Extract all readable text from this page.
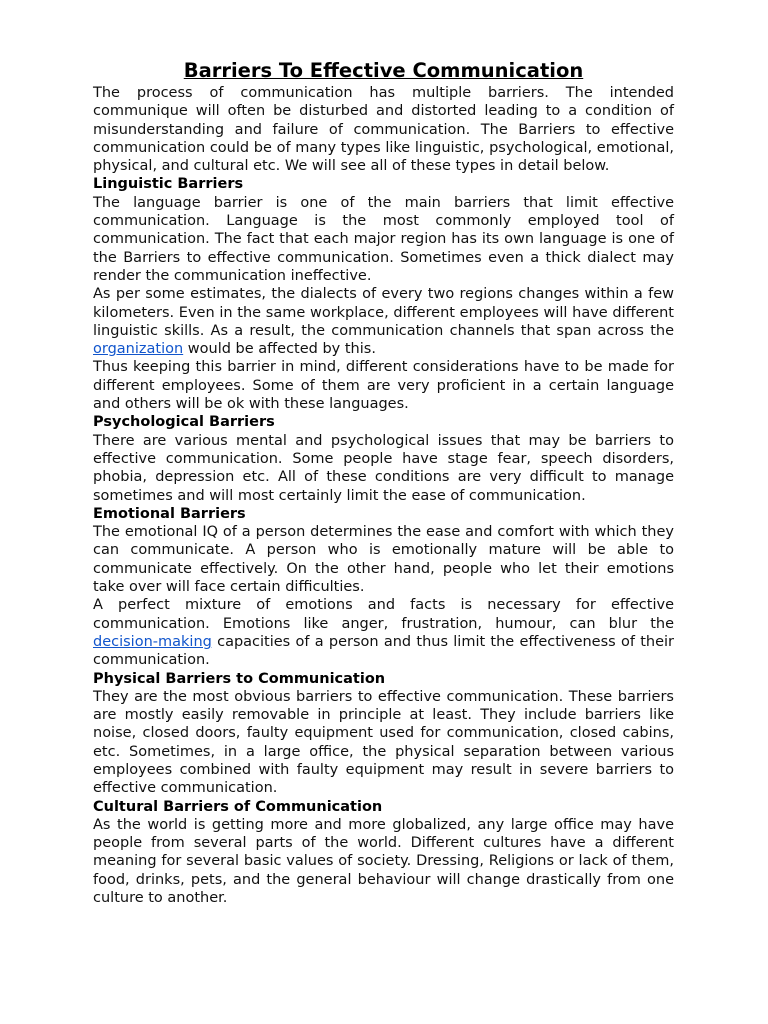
Barriers To Effective Communication

The process of communication has multiple barriers. The intended communique will often be disturbed and distorted leading to a condition of misunderstanding and failure of communication. The Barriers to effective communication could be of many types like linguistic, psychological, emotional, physical, and cultural etc. We will see all of these types in detail below.

Linguistic Barriers

The language barrier is one of the main barriers that limit effective communication. Language is the most commonly employed tool of communication. The fact that each major region has its own language is one of the Barriers to effective communication. Sometimes even a thick dialect may render the communication ineffective.

As per some estimates, the dialects of every two regions changes within a few kilometers. Even in the same workplace, different employees will have different linguistic skills. As a result, the communication channels that span across the organization would be affected by this.

Thus keeping this barrier in mind, different considerations have to be made for different employees. Some of them are very proficient in a certain language and others will be ok with these languages.

Psychological Barriers

There are various mental and psychological issues that may be barriers to effective communication. Some people have stage fear, speech disorders, phobia, depression etc. All of these conditions are very difficult to manage sometimes and will most certainly limit the ease of communication.

Emotional Barriers

The emotional IQ of a person determines the ease and comfort with which they can communicate. A person who is emotionally mature will be able to communicate effectively. On the other hand, people who let their emotions take over will face certain difficulties.

A perfect mixture of emotions and facts is necessary for effective communication. Emotions like anger, frustration, humour, can blur the decision-making capacities of a person and thus limit the effectiveness of their communication.

Physical Barriers to Communication

They are the most obvious barriers to effective communication. These barriers are mostly easily removable in principle at least. They include barriers like noise, closed doors, faulty equipment used for communication, closed cabins, etc. Sometimes, in a large office, the physical separation between various employees combined with faulty equipment may result in severe barriers to effective communication.

Cultural Barriers of Communication

As the world is getting more and more globalized, any large office may have people from several parts of the world. Different cultures have a different meaning for several basic values of society. Dressing, Religions or lack of them, food, drinks, pets, and the general behaviour will change drastically from one culture to another.
